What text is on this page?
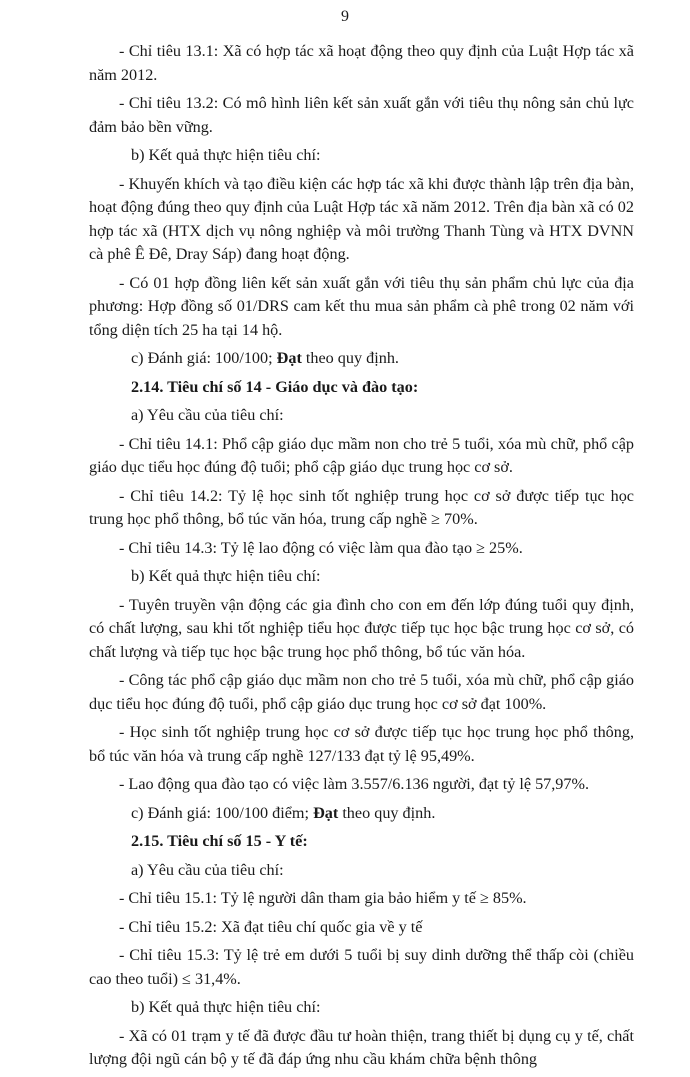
9

- Chỉ tiêu 13.1: Xã có hợp tác xã hoạt động theo quy định của Luật Hợp tác xã năm 2012.

- Chỉ tiêu 13.2: Có mô hình liên kết sản xuất gắn với tiêu thụ nông sản chủ lực đảm bảo bền vững.

b) Kết quả thực hiện tiêu chí:

- Khuyến khích và tạo điều kiện các hợp tác xã khi được thành lập trên địa bàn, hoạt động đúng theo quy định của Luật Hợp tác xã năm 2012. Trên địa bàn xã có 02 hợp tác xã (HTX dịch vụ nông nghiệp và môi trường Thanh Tùng và HTX DVNN cà phê Ê Đê, Dray Sáp) đang hoạt động.

- Có 01 hợp đồng liên kết sản xuất gắn với tiêu thụ sản phẩm chủ lực của địa phương: Hợp đồng số 01/DRS cam kết thu mua sản phẩm cà phê trong 02 năm với tổng diện tích 25 ha tại 14 hộ.

c) Đánh giá: 100/100; Đạt theo quy định.

2.14. Tiêu chí số 14 - Giáo dục và đào tạo:

a) Yêu cầu của tiêu chí:

- Chỉ tiêu 14.1: Phổ cập giáo dục mầm non cho trẻ 5 tuổi, xóa mù chữ, phổ cập giáo dục tiểu học đúng độ tuổi; phổ cập giáo dục trung học cơ sở.

- Chỉ tiêu 14.2: Tỷ lệ học sinh tốt nghiệp trung học cơ sở được tiếp tục học trung học phổ thông, bổ túc văn hóa, trung cấp nghề ≥ 70%.

- Chỉ tiêu 14.3: Tỷ lệ lao động có việc làm qua đào tạo ≥ 25%.

b) Kết quả thực hiện tiêu chí:

- Tuyên truyền vận động các gia đình cho con em đến lớp đúng tuổi quy định, có chất lượng, sau khi tốt nghiệp tiểu học được tiếp tục học bậc trung học cơ sở, có chất lượng và tiếp tục học bậc trung học phổ thông, bổ túc văn hóa.

- Công tác phổ cập giáo dục mầm non cho trẻ 5 tuổi, xóa mù chữ, phổ cập giáo dục tiểu học đúng độ tuổi, phổ cập giáo dục trung học cơ sở đạt 100%.

- Học sinh tốt nghiệp trung học cơ sở được tiếp tục học trung học phổ thông, bổ túc văn hóa và trung cấp nghề 127/133 đạt tỷ lệ 95,49%.

- Lao động qua đào tạo có việc làm 3.557/6.136 người, đạt tỷ lệ 57,97%.

c) Đánh giá: 100/100 điểm; Đạt theo quy định.

2.15. Tiêu chí số 15 - Y tế:

a) Yêu cầu của tiêu chí:

- Chỉ tiêu 15.1: Tỷ lệ người dân tham gia bảo hiểm y tế ≥ 85%.

- Chỉ tiêu 15.2: Xã đạt tiêu chí quốc gia về y tế

- Chỉ tiêu 15.3: Tỷ lệ trẻ em dưới 5 tuổi bị suy dinh dưỡng thể thấp còi (chiều cao theo tuổi) ≤ 31,4%.

b) Kết quả thực hiện tiêu chí:

- Xã có 01 trạm y tế đã được đầu tư hoàn thiện, trang thiết bị dụng cụ y tế, chất lượng đội ngũ cán bộ y tế đã đáp ứng nhu cầu khám chữa bệnh thông
